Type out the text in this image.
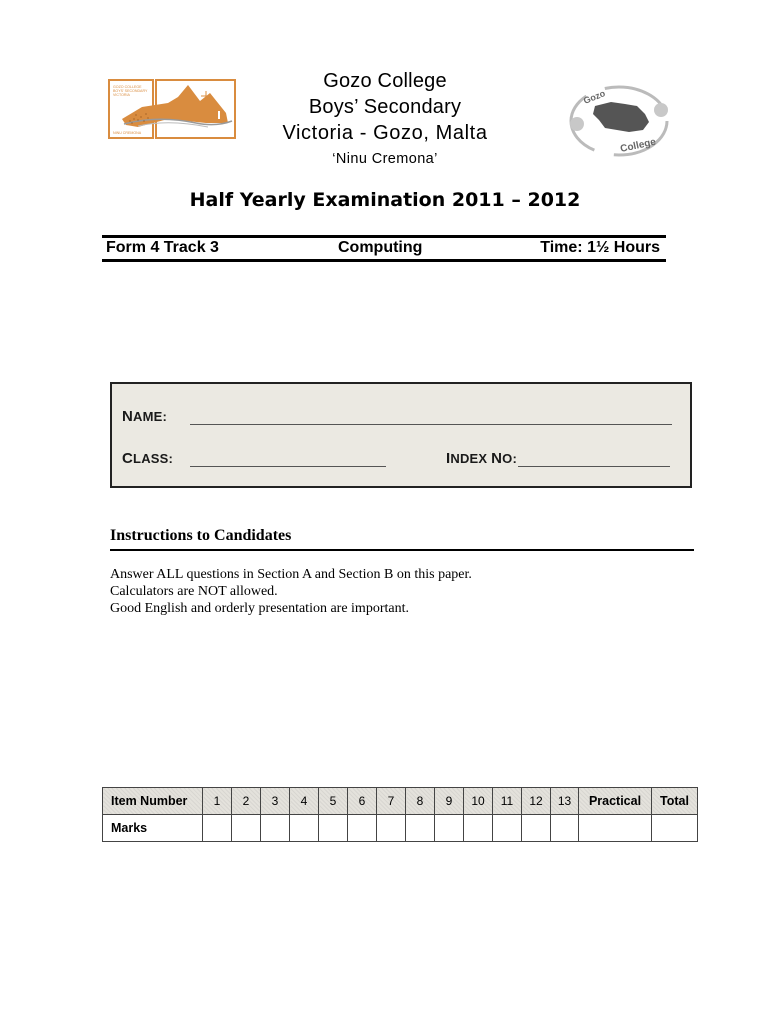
GOZO COLLEGE
BOYS' SECONDARY
VICTORIA
NINU CREMONA
Gozo
College
Gozo College
Boys’ Secondary
Victoria - Gozo, Malta
‘Ninu Cremona’
Half Yearly Examination 2011 – 2012
Form 4 Track 3	Computing	Time: 1½ Hours
NAME:
CLASS:	INDEX NO:
Instructions to Candidates
Answer ALL questions in Section A and Section B on this paper.
Calculators are NOT allowed.
Good English and orderly presentation are important.
Item Number	1	2	3	4	5	6	7	8	9	10	11	12	13	Practical	Total
Marks															
